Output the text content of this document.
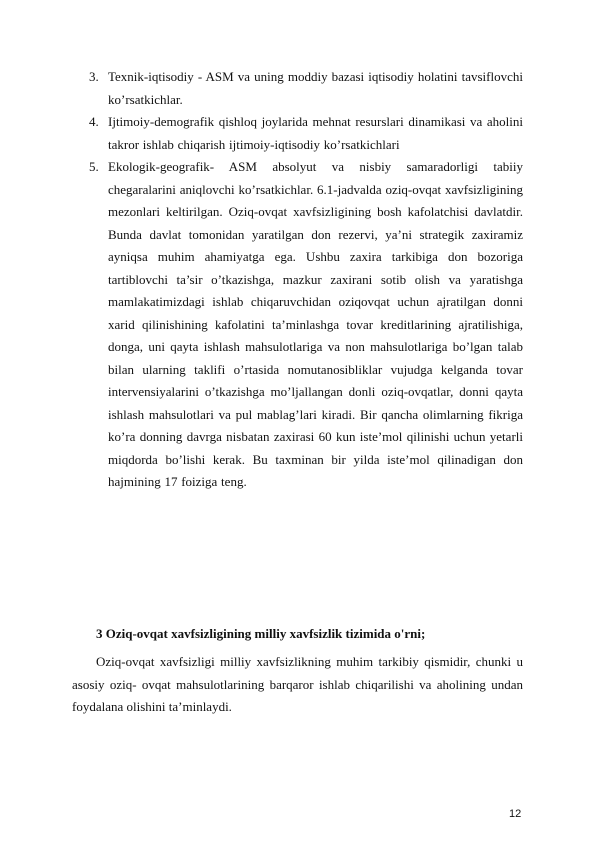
3. Texnik-iqtisodiy - ASM va uning moddiy bazasi iqtisodiy holatini tavsiflovchi ko’rsatkichlar.
4. Ijtimoiy-demografik qishloq joylarida mehnat resurslari dinamikasi va aholini takror ishlab chiqarish ijtimoiy-iqtisodiy ko’rsatkichlari
5. Ekologik-geografik- ASM absolyut va nisbiy samaradorligi tabiiy chegaralarini aniqlovchi ko’rsatkichlar. 6.1-jadvalda oziq-ovqat xavfsizligining mezonlari keltirilgan. Oziq-ovqat xavfsizligining bosh kafolatchisi davlatdir. Bunda davlat tomonidan yaratilgan don rezervi, ya’ni strategik zaxiramiz ayniqsa muhim ahamiyatga ega. Ushbu zaxira tarkibiga don bozoriga tartiblovchi ta’sir o’tkazishga, mazkur zaxirani sotib olish va yaratishga mamlakatimizdagi ishlab chiqaruvchidan oziqovqat uchun ajratilgan donni xarid qilinishining kafolatini ta’minlashga tovar kreditlarining ajratilishiga, donga, uni qayta ishlash mahsulotlariga va non mahsulotlariga bo’lgan talab bilan ularning taklifi o’rtasida nomutanosibliklar vujudga kelganda tovar intervensiyalarini o’tkazishga mo’ljallangan donli oziq-ovqatlar, donni qayta ishlash mahsulotlari va pul mablag’lari kiradi. Bir qancha olimlarning fikriga ko’ra donning davrga nisbatan zaxirasi 60 kun iste’mol qilinishi uchun yetarli miqdorda bo’lishi kerak. Bu taxminan bir yilda iste’mol qilinadigan don hajmining 17 foiziga teng.
3 Oziq-ovqat xavfsizligining milliy xavfsizlik tizimida o'rni;
Oziq-ovqat xavfsizligi milliy xavfsizlikning muhim tarkibiy qismidir, chunki u asosiy oziq- ovqat mahsulotlarining barqaror ishlab chiqarilishi va aholining undan foydalana olishini ta’minlaydi.
12
